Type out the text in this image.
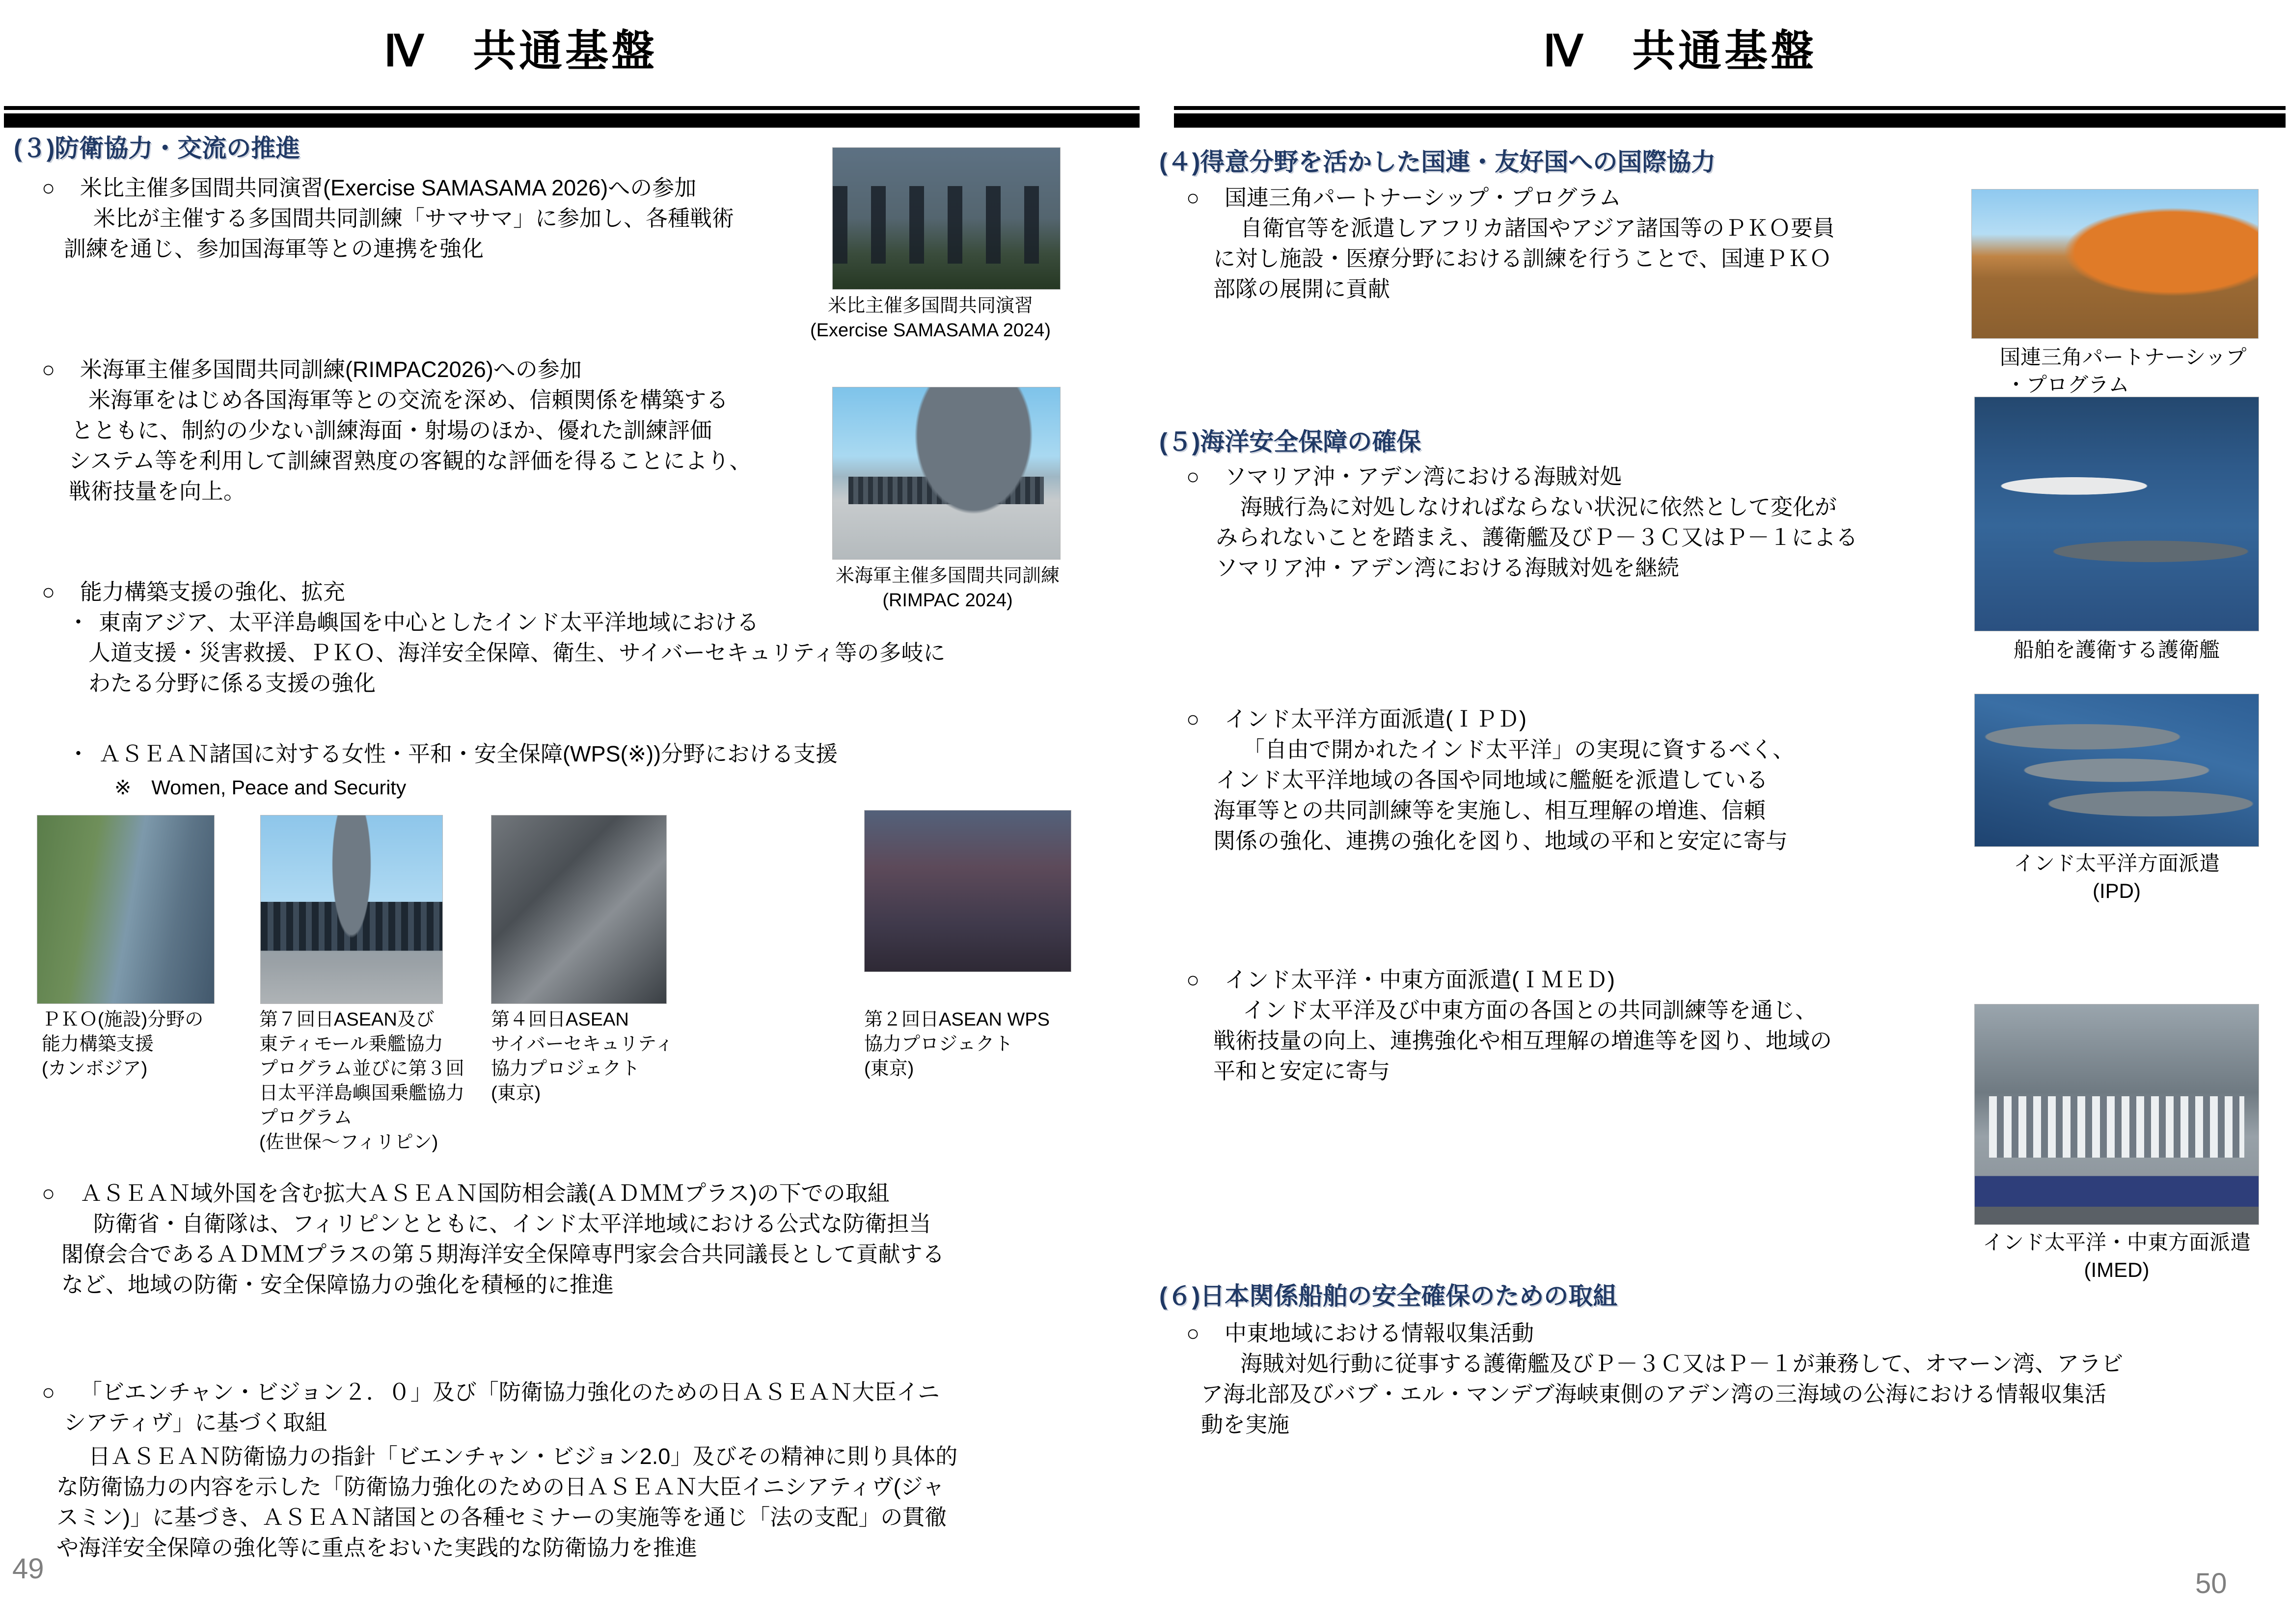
Ⅳ　共通基盤
(３)防衛協力・交流の推進
○	米比主催多国間共同演習(Exercise SAMASAMA 2026)への参加
米比が主催する多国間共同訓練「サマサマ」に参加し、各種戦術
訓練を通じ、参加国海軍等との連携を強化
米比主催多国間共同演習
(Exercise SAMASAMA 2024)
○	米海軍主催多国間共同訓練(RIMPAC2026)への参加
米海軍をはじめ各国海軍等との交流を深め、信頼関係を構築する
とともに、制約の少ない訓練海面・射場のほか、優れた訓練評価
システム等を利用して訓練習熟度の客観的な評価を得ることにより、
戦術技量を向上。
米海軍主催多国間共同訓練
(RIMPAC 2024)
○	能力構築支援の強化、拡充
・ 東南アジア、太平洋島嶼国を中心としたインド太平洋地域における
人道支援・災害救援、ＰＫＯ、海洋安全保障、衛生、サイバーセキュリティ等の多岐に
わたる分野に係る支援の強化
・ ＡＳＥＡＮ諸国に対する女性・平和・安全保障(WPS(※))分野における支援
※　Women, Peace and Security
ＰＫＯ(施設)分野の
能力構築支援
(カンボジア)
第７回日ASEAN及び
東ティモール乗艦協力
プログラム並びに第３回
日太平洋島嶼国乗艦協力
プログラム
(佐世保～フィリピン)
第４回日ASEAN
サイバーセキュリティ
協力プロジェクト
(東京)
第２回日ASEAN WPS
協力プロジェクト
(東京)
○	ＡＳＥＡＮ域外国を含む拡大ＡＳＥＡＮ国防相会議(ＡＤＭＭプラス)の下での取組
防衛省・自衛隊は、フィリピンとともに、インド太平洋地域における公式な防衛担当
閣僚会合であるＡＤＭＭプラスの第５期海洋安全保障専門家会合共同議長として貢献する
など、地域の防衛・安全保障協力の強化を積極的に推進
○	「ビエンチャン・ビジョン２．０」及び「防衛協力強化のための日ＡＳＥＡＮ大臣イニ
シアティヴ」に基づく取組
日ＡＳＥＡＮ防衛協力の指針「ビエンチャン・ビジョン2.0」及びその精神に則り具体的
な防衛協力の内容を示した「防衛協力強化のための日ＡＳＥＡＮ大臣イニシアティヴ(ジャ
スミン)」に基づき、ＡＳＥＡＮ諸国との各種セミナーの実施等を通じ「法の支配」の貫徹
や海洋安全保障の強化等に重点をおいた実践的な防衛協力を推進
49
Ⅳ　共通基盤
(４)得意分野を活かした国連・友好国への国際協力
○	国連三角パートナーシップ・プログラム
自衛官等を派遣しアフリカ諸国やアジア諸国等のＰＫＯ要員
に対し施設・医療分野における訓練を行うことで、国連ＰＫＯ
部隊の展開に貢献
国連三角パートナーシップ
・プログラム
(５)海洋安全保障の確保
○	ソマリア沖・アデン湾における海賊対処
海賊行為に対処しなければならない状況に依然として変化が
みられないことを踏まえ、護衛艦及びＰ－３Ｃ又はＰ－１による
ソマリア沖・アデン湾における海賊対処を継続
船舶を護衛する護衛艦
○	インド太平洋方面派遣(ＩＰＤ)
「自由で開かれたインド太平洋」の実現に資するべく、
インド太平洋地域の各国や同地域に艦艇を派遣している
海軍等との共同訓練等を実施し、相互理解の増進、信頼
関係の強化、連携の強化を図り、地域の平和と安定に寄与
インド太平洋方面派遣
(IPD)
○	インド太平洋・中東方面派遣(ＩＭＥＤ)
インド太平洋及び中東方面の各国との共同訓練等を通じ、
戦術技量の向上、連携強化や相互理解の増進等を図り、地域の
平和と安定に寄与
インド太平洋・中東方面派遣
(IMED)
(６)日本関係船舶の安全確保のための取組
○	中東地域における情報収集活動
海賊対処行動に従事する護衛艦及びＰ－３Ｃ又はＰ－１が兼務して、オマーン湾、アラビ
ア海北部及びバブ・エル・マンデブ海峡東側のアデン湾の三海域の公海における情報収集活
動を実施
50
